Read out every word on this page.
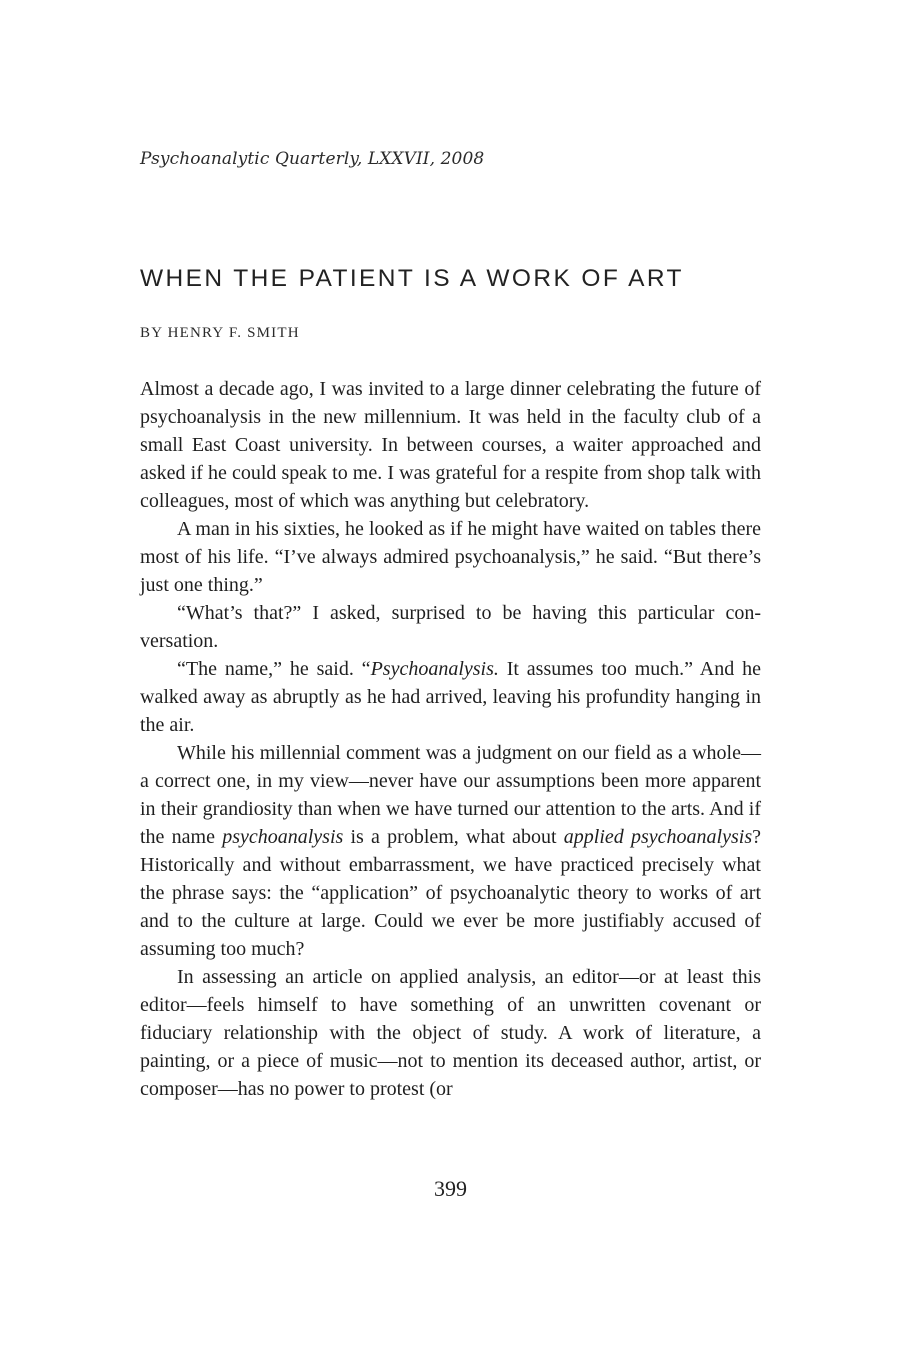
Psychoanalytic Quarterly, LXXVII, 2008
WHEN THE PATIENT IS A WORK OF ART
BY HENRY F. SMITH

Almost a decade ago, I was invited to a large dinner celebrating the future of psychoanalysis in the new millennium. It was held in the faculty club of a small East Coast university. In between courses, a waiter approached and asked if he could speak to me. I was grateful for a respite from shop talk with colleagues, most of which was anything but celebratory.

A man in his sixties, he looked as if he might have waited on tables there most of his life. “I’ve always admired psychoanalysis,” he said. “But there’s just one thing.”

“What’s that?” I asked, surprised to be having this particular conversation.

“The name,” he said. “Psychoanalysis. It assumes too much.” And he walked away as abruptly as he had arrived, leaving his profundity hanging in the air.

While his millennial comment was a judgment on our field as a whole—a correct one, in my view—never have our assumptions been more apparent in their grandiosity than when we have turned our attention to the arts. And if the name psychoanalysis is a problem, what about applied psychoanalysis? Historically and without embarrassment, we have practiced precisely what the phrase says: the “application” of psychoanalytic theory to works of art and to the culture at large. Could we ever be more justifiably accused of assuming too much?

In assessing an article on applied analysis, an editor—or at least this editor—feels himself to have something of an unwritten covenant or fiduciary relationship with the object of study. A work of literature, a painting, or a piece of music—not to mention its deceased author, artist, or composer—has no power to protest (or

399
